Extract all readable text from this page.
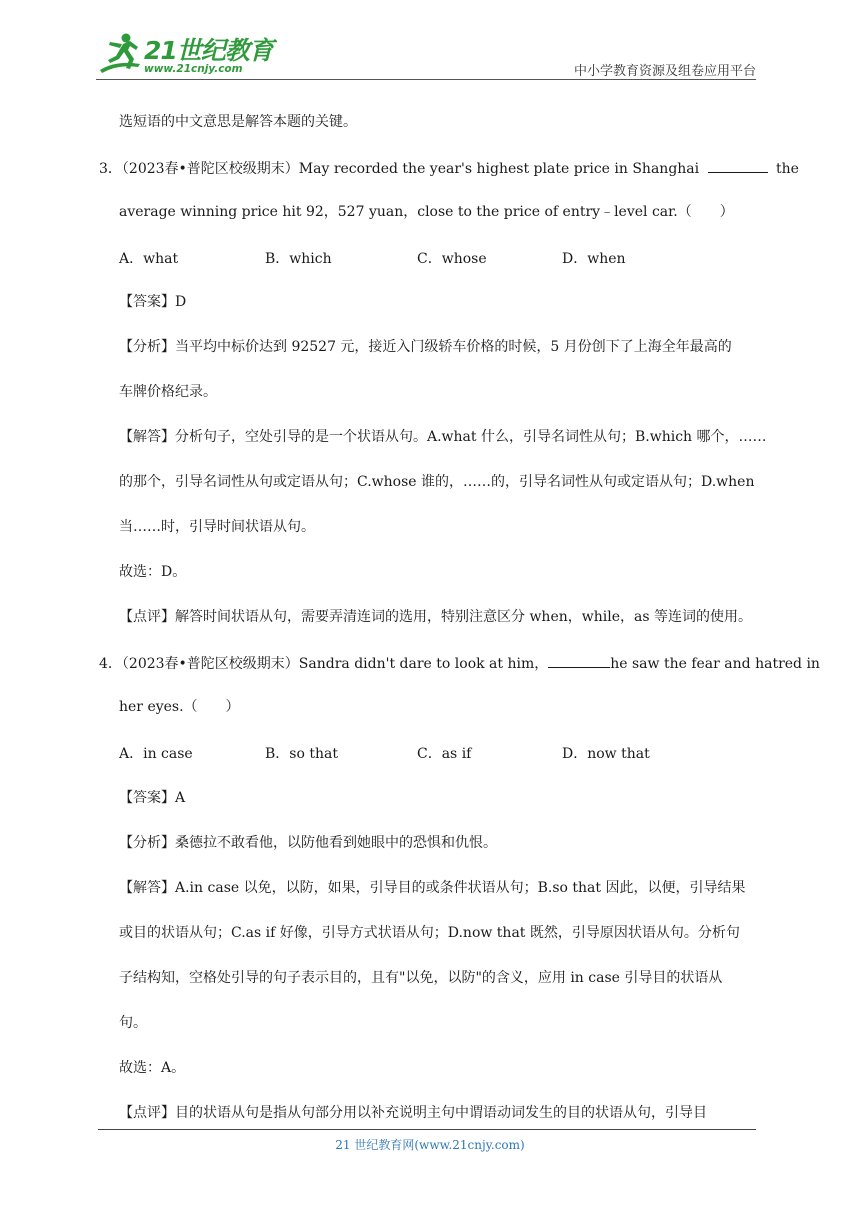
21世纪教育
www.21cnjy.com	中小学教育资源及组卷应用平台
选短语的中文意思是解答本题的关键。
3．（2023春•普陀区校级期末）May recorded the year's highest plate price in Shanghai	the
average winning price hit 92，527 yuan，close to the price of entry﹣level car.（　　）
A．what	B．which	C．whose	D．when
【答案】D
【分析】当平均中标价达到 92527 元，接近入门级轿车价格的时候，5 月份创下了上海全年最高的
车牌价格纪录。
【解答】分析句子，空处引导的是一个状语从句。A.what 什么，引导名词性从句；B.which 哪个，……
的那个，引导名词性从句或定语从句；C.whose 谁的，……的，引导名词性从句或定语从句；D.when
当……时，引导时间状语从句。
故选：D。
【点评】解答时间状语从句，需要弄清连词的选用，特别注意区分 when，while，as 等连词的使用。
4．（2023春•普陀区校级期末）Sandra didn't dare to look at him，	he saw the fear and hatred in
her eyes.（　　）
A．in case	B．so that	C．as if	D．now that
【答案】A
【分析】桑德拉不敢看他，以防他看到她眼中的恐惧和仇恨。
【解答】A.in case 以免，以防，如果，引导目的或条件状语从句；B.so that 因此，以便，引导结果
或目的状语从句；C.as if 好像，引导方式状语从句；D.now that 既然，引导原因状语从句。分析句
子结构知，空格处引导的句子表示目的，且有"以免，以防"的含义，应用 in case 引导目的状语从
句。
故选：A。
【点评】目的状语从句是指从句部分用以补充说明主句中谓语动词发生的目的状语从句，引导目
21 世纪教育网(www.21cnjy.com)
